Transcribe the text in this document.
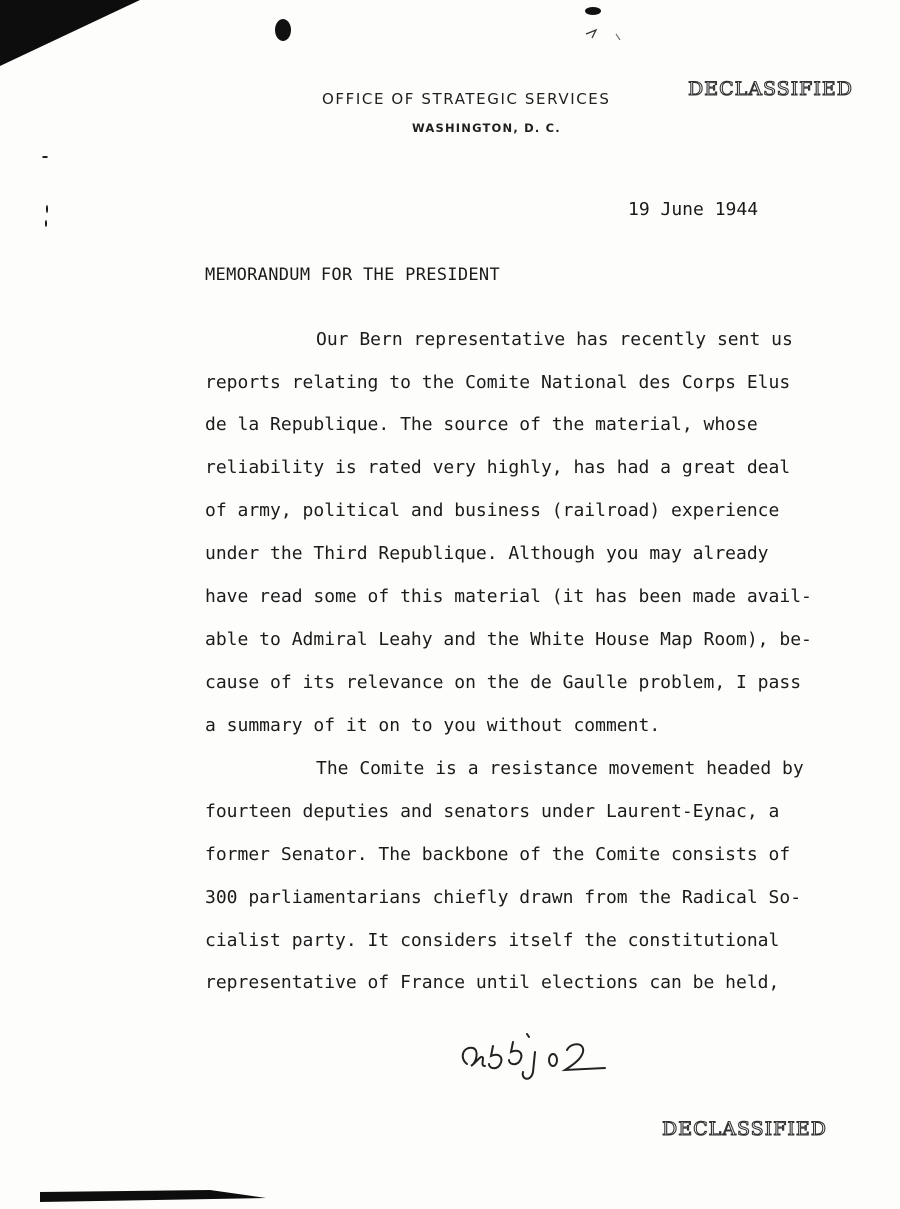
OFFICE OF STRATEGIC SERVICES
WASHINGTON, D. C.
DECLASSIFIED
19 June 1944
MEMORANDUM FOR THE PRESIDENT
Our Bern representative has recently sent us
reports relating to the Comite National des Corps Elus
de la Republique. The source of the material, whose
reliability is rated very highly, has had a great deal
of army, political and business (railroad) experience
under the Third Republique. Although you may already
have read some of this material (it has been made avail-
able to Admiral Leahy and the White House Map Room), be-
cause of its relevance on the de Gaulle problem, I pass
a summary of it on to you without comment.
The Comite is a resistance movement headed by
fourteen deputies and senators under Laurent-Eynac, a
former Senator. The backbone of the Comite consists of
300 parliamentarians chiefly drawn from the Radical So-
cialist party. It considers itself the constitutional
representative of France until elections can be held,
DECLASSIFIED
